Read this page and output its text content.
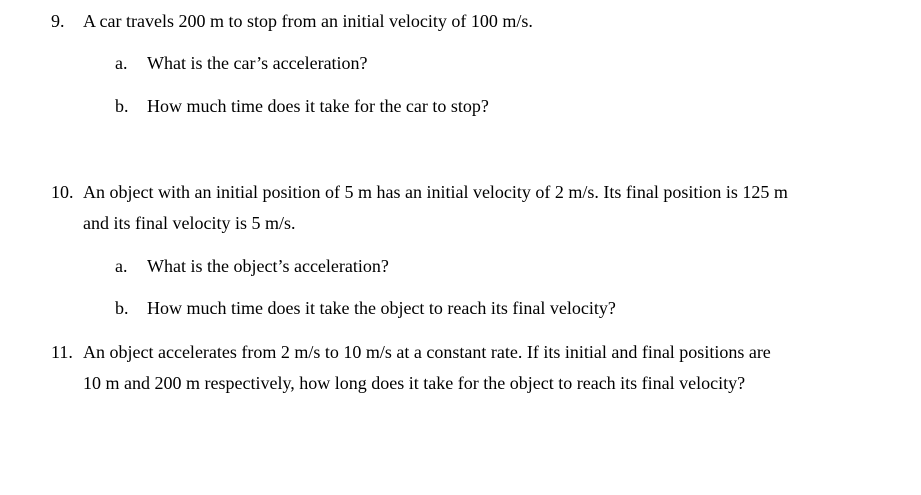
9. A car travels 200 m to stop from an initial velocity of 100 m/s.
a. What is the car’s acceleration?
b. How much time does it take for the car to stop?
10. An object with an initial position of 5 m has an initial velocity of 2 m/s. Its final position is 125 m
and its final velocity is 5 m/s.
a. What is the object’s acceleration?
b. How much time does it take the object to reach its final velocity?
11. An object accelerates from 2 m/s to 10 m/s at a constant rate. If its initial and final positions are
10 m and 200 m respectively, how long does it take for the object to reach its final velocity?
